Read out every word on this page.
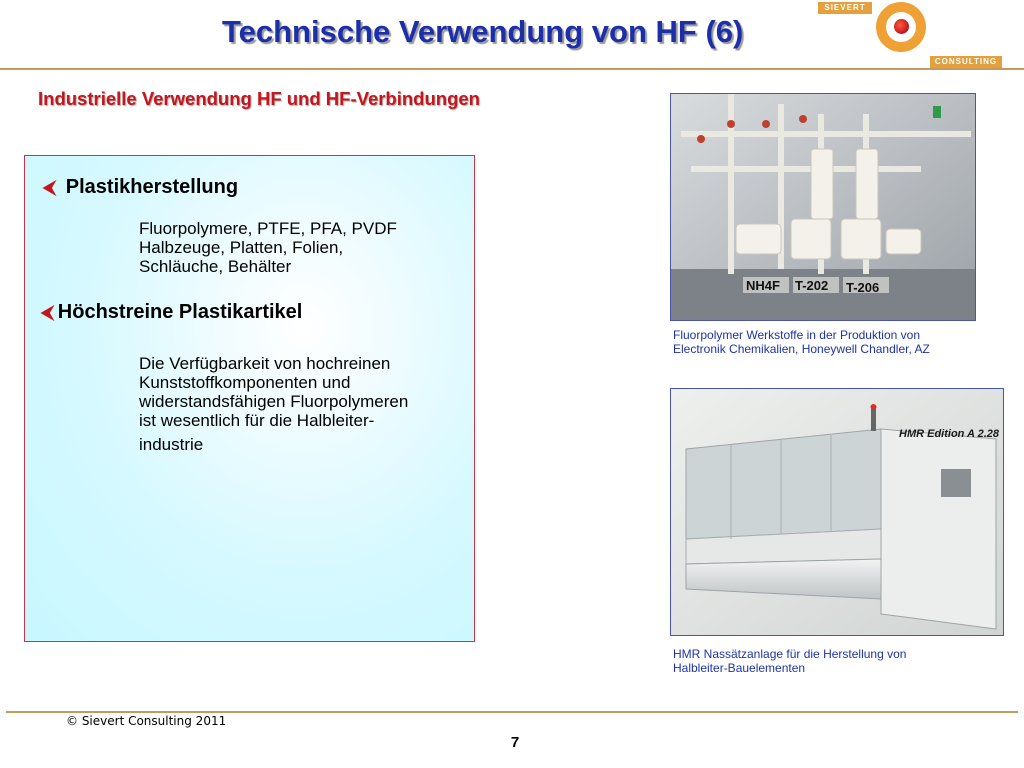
Technische Verwendung von HF (6)
SIEVERT
CONSULTING
Industrielle Verwendung HF und HF-Verbindungen
⮜ Plastikherstellung
Fluorpolymere, PTFE, PFA, PVDF
Halbzeuge, Platten, Folien,
Schläuche, Behälter
⮜ Höchstreine Plastikartikel
Die Verfügbarkeit von hochreinen
Kunststoffkomponenten und
widerstandsfähigen Fluorpolymeren
ist wesentlich für die Halbleiter-
industrie
NH4F T-202 T-206
Fluorpolymer Werkstoffe in der Produktion von
Electronik Chemikalien, Honeywell Chandler, AZ
HMR Edition A 2.28
HMR Nassätzanlage für die Herstellung von
Halbleiter-Bauelementen
© Sievert Consulting 2011
7
